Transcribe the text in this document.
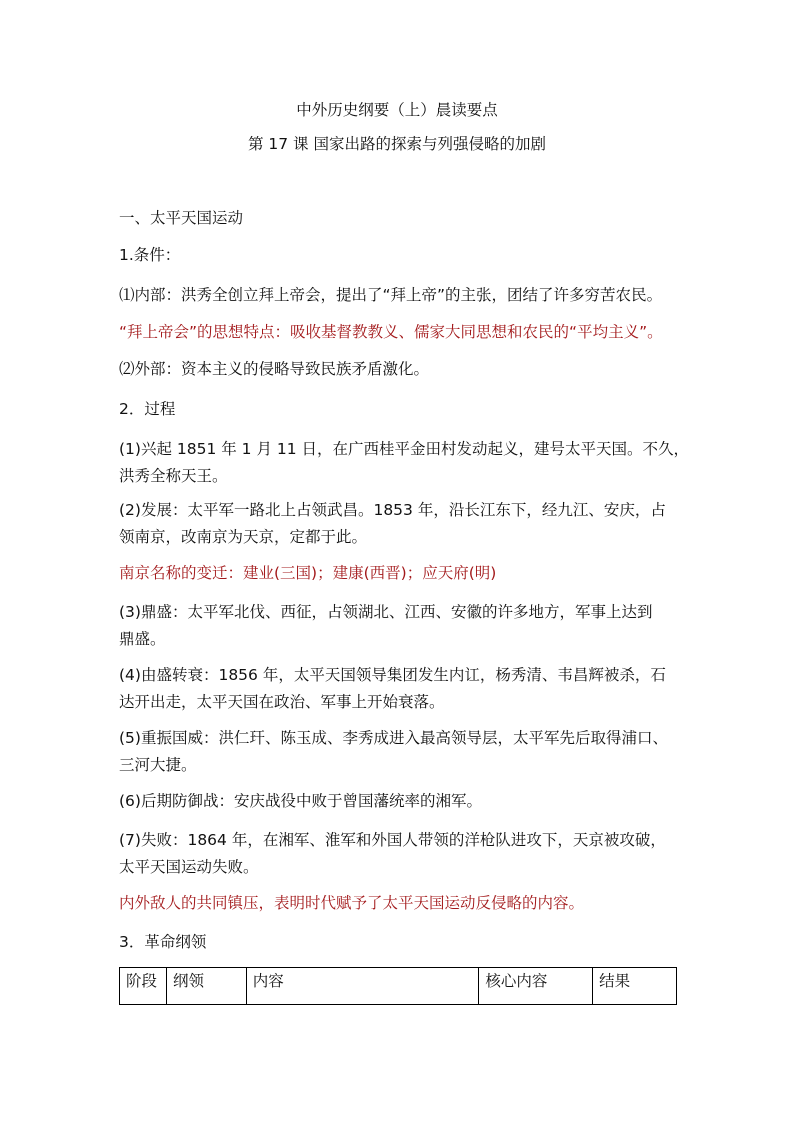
中外历史纲要（上）晨读要点
第 17 课 国家出路的探索与列强侵略的加剧
一、太平天国运动
1.条件：
⑴内部：洪秀全创立拜上帝会，提出了“拜上帝”的主张，团结了许多穷苦农民。
“拜上帝会”的思想特点：吸收基督教教义、儒家大同思想和农民的“平均主义”。
⑵外部：资本主义的侵略导致民族矛盾激化。
2．过程
(1)兴起 1851 年 1 月 11 日，在广西桂平金田村发动起义，建号太平天国。不久，
洪秀全称天王。
(2)发展：太平军一路北上占领武昌。1853 年，沿长江东下，经九江、安庆，占
领南京，改南京为天京，定都于此。
南京名称的变迁：建业(三国)；建康(西晋)；应天府(明)
(3)鼎盛：太平军北伐、西征，占领湖北、江西、安徽的许多地方，军事上达到
鼎盛。
(4)由盛转衰：1856 年，太平天国领导集团发生内讧，杨秀清、韦昌辉被杀，石
达开出走，太平天国在政治、军事上开始衰落。
(5)重振国威：洪仁玕、陈玉成、李秀成进入最高领导层，太平军先后取得浦口、
三河大捷。
(6)后期防御战：安庆战役中败于曾国藩统率的湘军。
(7)失败：1864 年，在湘军、淮军和外国人带领的洋枪队进攻下，天京被攻破，
太平天国运动失败。
内外敌人的共同镇压，表明时代赋予了太平天国运动反侵略的内容。
3．革命纲领
阶段	纲领	内容	核心内容	结果
